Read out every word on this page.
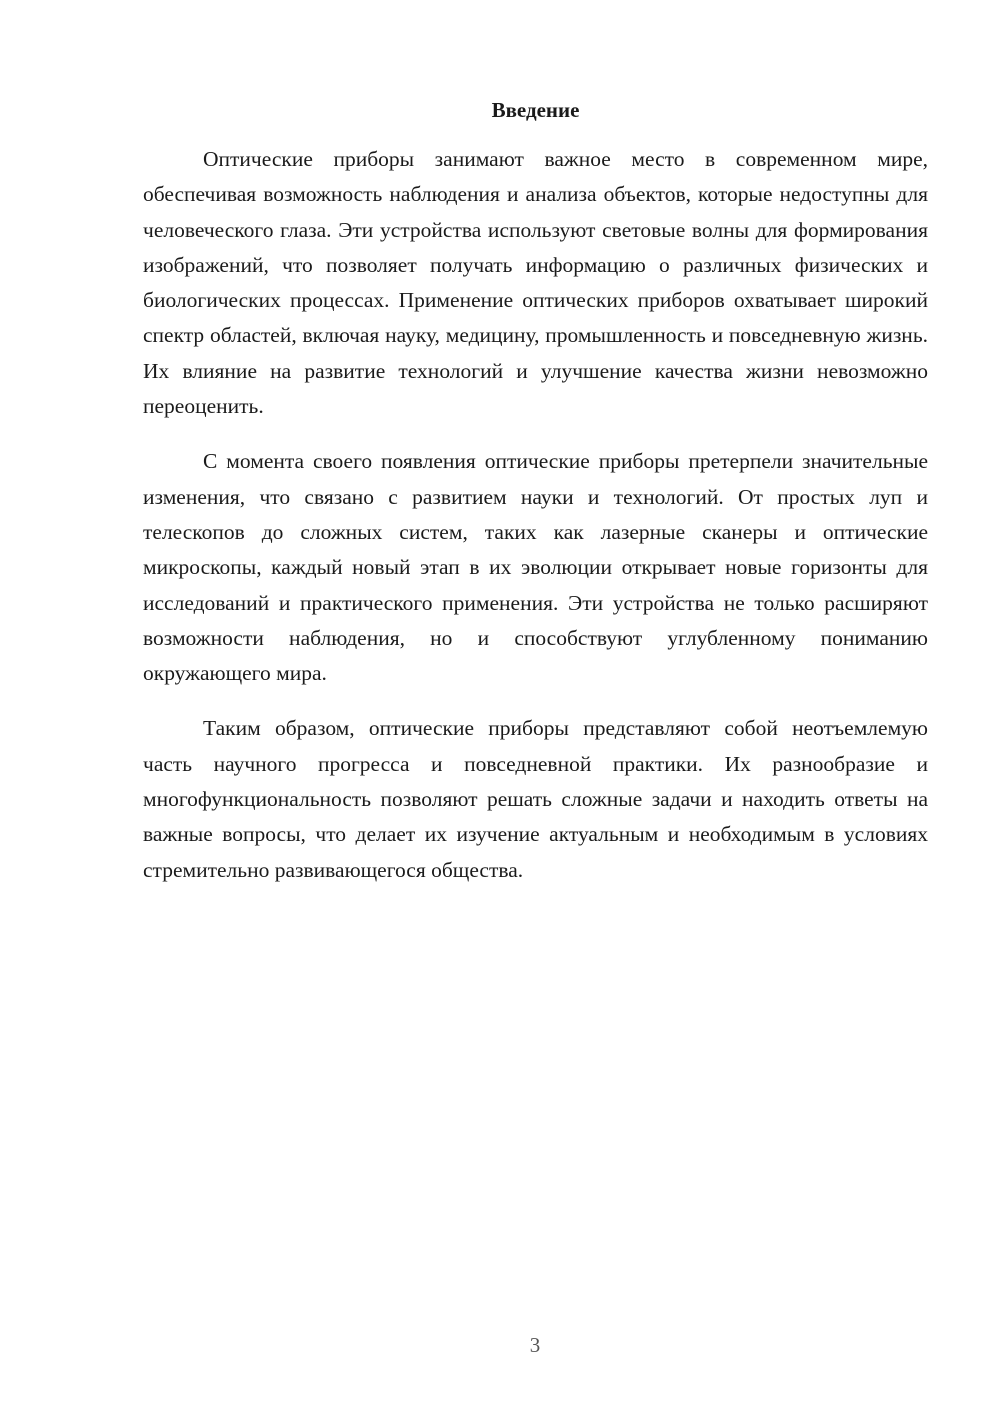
Введение

Оптические приборы занимают важное место в современном мире, обеспечивая возможность наблюдения и анализа объектов, которые недоступны для человеческого глаза. Эти устройства используют световые волны для формирования изображений, что позволяет получать информацию о различных физических и биологических процессах. Применение оптических приборов охватывает широкий спектр областей, включая науку, медицину, промышленность и повседневную жизнь. Их влияние на развитие технологий и улучшение качества жизни невозможно переоценить.

С момента своего появления оптические приборы претерпели значительные изменения, что связано с развитием науки и технологий. От простых луп и телескопов до сложных систем, таких как лазерные сканеры и оптические микроскопы, каждый новый этап в их эволюции открывает новые горизонты для исследований и практического применения. Эти устройства не только расширяют возможности наблюдения, но и способствуют углубленному пониманию окружающего мира.

Таким образом, оптические приборы представляют собой неотъемлемую часть научного прогресса и повседневной практики. Их разнообразие и многофункциональность позволяют решать сложные задачи и находить ответы на важные вопросы, что делает их изучение актуальным и необходимым в условиях стремительно развивающегося общества.

3
